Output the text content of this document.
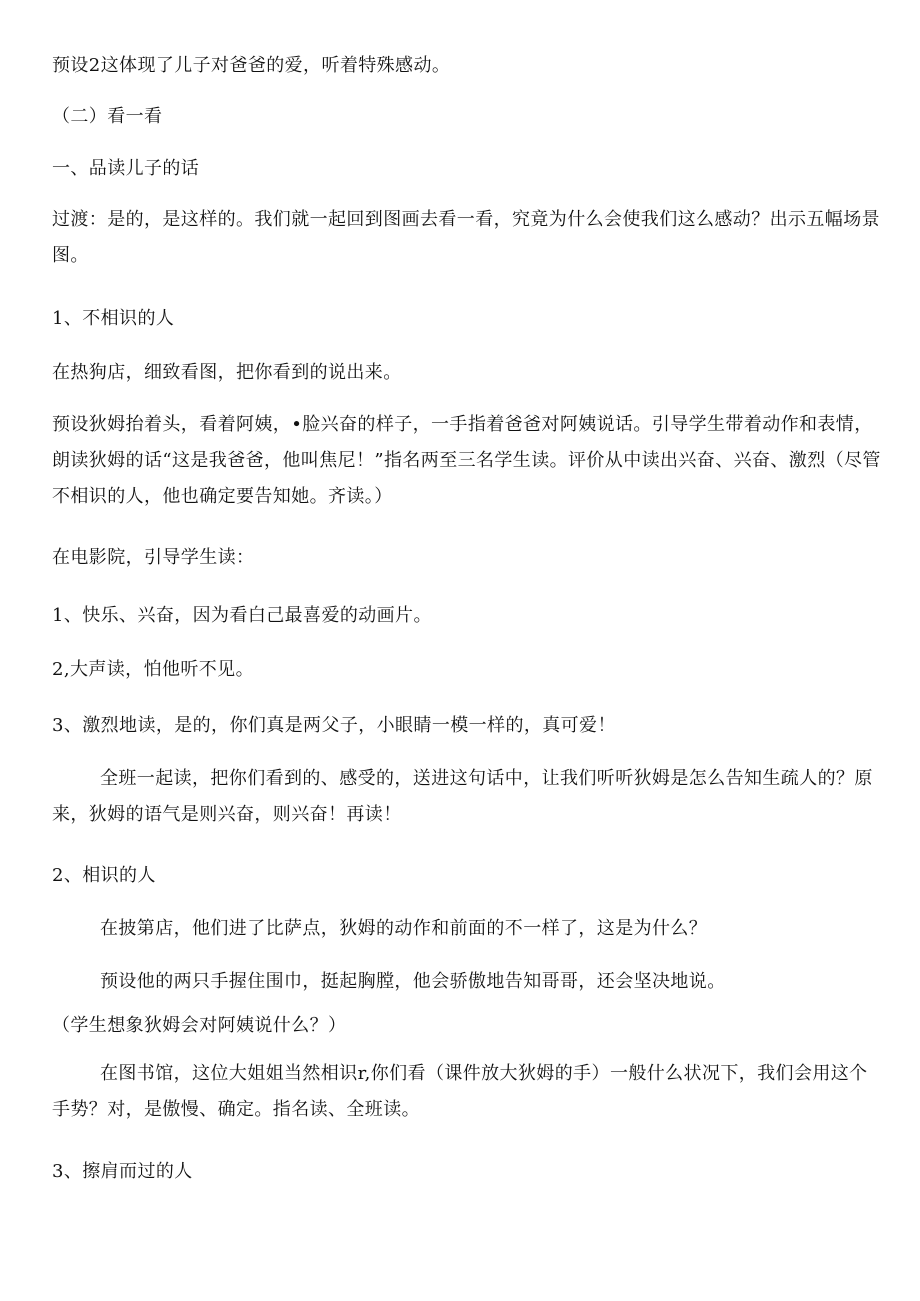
预设2这体现了儿子对爸爸的爱，听着特殊感动。

（二）看一看

一、品读儿子的话

过渡：是的，是这样的。我们就一起回到图画去看一看，究竟为什么会使我们这么感动？出示五幅场景图。

1、不相识的人

在热狗店，细致看图，把你看到的说出来。

预设狄姆抬着头，看着阿姨，•脸兴奋的样子，一手指着爸爸对阿姨说话。引导学生带着动作和表情，朗读狄姆的话“这是我爸爸，他叫焦尼！”指名两至三名学生读。评价从中读出兴奋、兴奋、激烈（尽管不相识的人，他也确定要告知她。齐读。）

在电影院，引导学生读：

1、快乐、兴奋，因为看白己最喜爱的动画片。

2,大声读，怕他听不见。

3、激烈地读，是的，你们真是两父子，小眼睛一模一样的，真可爱！

全班一起读，把你们看到的、感受的，送进这句话中，让我们听听狄姆是怎么告知生疏人的？原来，狄姆的语气是则兴奋，则兴奋！再读！

2、相识的人

在披第店，他们进了比萨点，狄姆的动作和前面的不一样了，这是为什么？

预设他的两只手握住围巾，挺起胸膛，他会骄傲地告知哥哥，还会坚决地说。

（学生想象狄姆会对阿姨说什么？）

在图书馆，这位大姐姐当然相识r,你们看（课件放大狄姆的手）一般什么状况下，我们会用这个手势？对，是傲慢、确定。指名读、全班读。

3、擦肩而过的人
